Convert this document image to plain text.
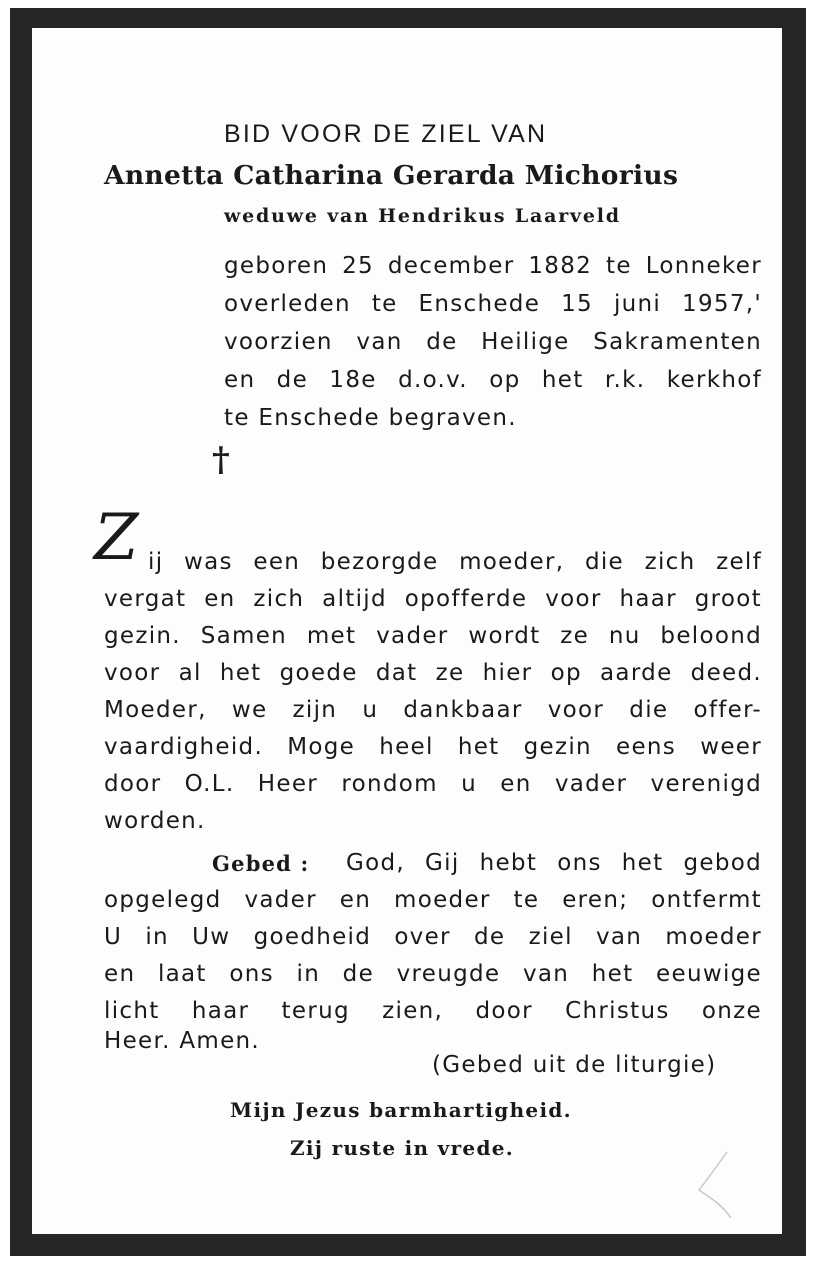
BID VOOR DE ZIEL VAN
Annetta Catharina Gerarda Michorius
weduwe van Hendrikus Laarveld
geboren 25 december 1882 te Lonneker
overleden te Enschede 15 juni 1957,'
voorzien van de Heilige Sakramenten
en de 18e d.o.v. op het r.k. kerkhof
te Enschede begraven.
†
Z ij was een bezorgde moeder, die zich zelf
vergat en zich altijd opofferde voor haar groot
gezin. Samen met vader wordt ze nu beloond
voor al het goede dat ze hier op aarde deed.
Moeder, we zijn u dankbaar voor die offer-
vaardigheid. Moge heel het gezin eens weer
door O.L. Heer rondom u en vader verenigd
worden.
Gebed : God, Gij hebt ons het gebod
opgelegd vader en moeder te eren; ontfermt
U in Uw goedheid over de ziel van moeder
en laat ons in de vreugde van het eeuwige
licht haar terug zien, door Christus onze
Heer. Amen.
(Gebed uit de liturgie)
Mijn Jezus barmhartigheid.
Zij ruste in vrede.
